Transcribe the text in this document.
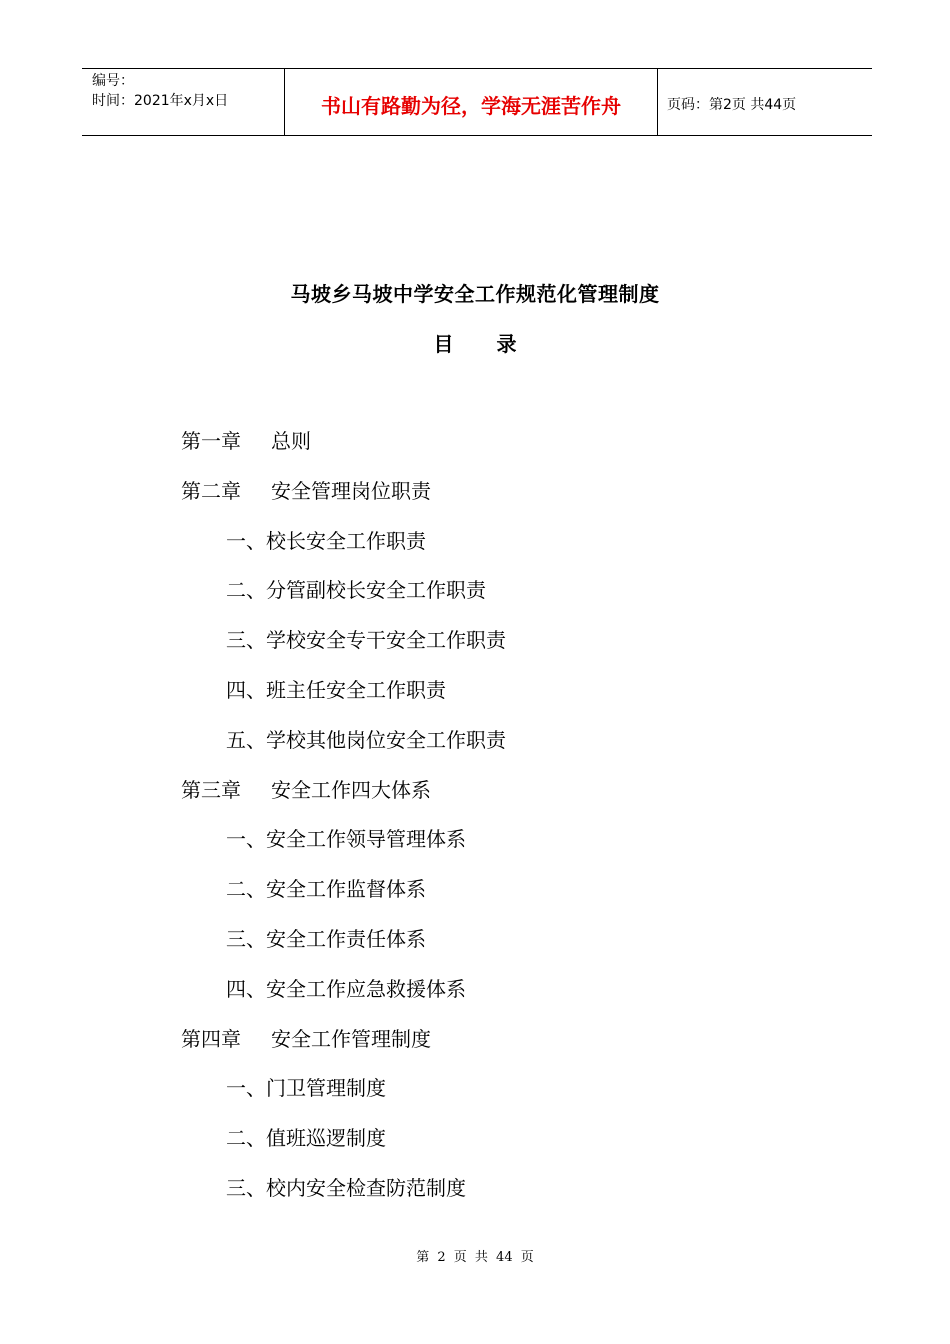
编号：
时间：2021年x月x日	书山有路勤为径，学海无涯苦作舟	页码：第2页 共44页
马坡乡马坡中学安全工作规范化管理制度
目 录
第一章 总则
第二章 安全管理岗位职责
一、校长安全工作职责
二、分管副校长安全工作职责
三、学校安全专干安全工作职责
四、班主任安全工作职责
五、学校其他岗位安全工作职责
第三章 安全工作四大体系
一、安全工作领导管理体系
二、安全工作监督体系
三、安全工作责任体系
四、安全工作应急救援体系
第四章 安全工作管理制度
一、门卫管理制度
二、值班巡逻制度
三、校内安全检查防范制度
第 2 页 共 44 页
